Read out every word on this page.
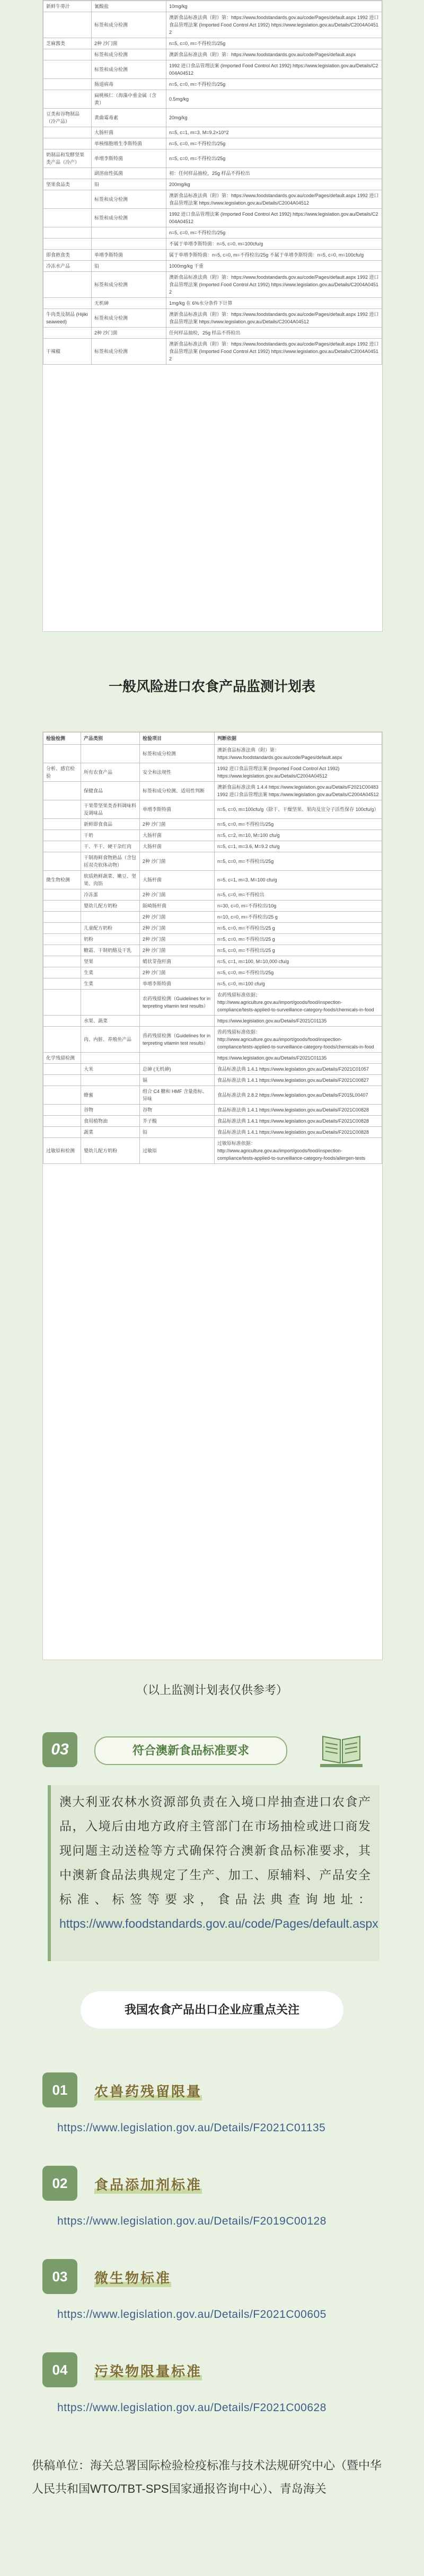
新鲜牛蒡汁	氰酸盐	10mg/kg
	标签和成分检测	澳新食品标准法典（附）第：https://www.foodstandards.gov.au/code/Pages/default.aspx 1992 进口食品管理法案 (Imported Food Control Act 1992) https://www.legislation.gov.au/Details/C2004A04512
芝麻酱类	2种 沙门菌	n=5, c=0, m=不得检出/25g
	标签和成分检测	澳新食品标准法典（附）第：https://www.foodstandards.gov.au/code/Pages/default.aspx
	标签和成分检测	1992 进口食品管理法案 (Imported Food Control Act 1992) https://www.legislation.gov.au/Details/C2004A04512
	肠道病毒	n=5, c=0, m=不得检出/25g
	扁桃核仁（海藻中重金属（含黄）	0.5mg/kg
豆类和谷物制品（冷产品）	黄曲霉毒素	20mg/kg
	大肠杆菌	n=5, c=1, m=3, M=9.2×10^2
	单核细胞增生李斯特菌	n=5, c=0, m=不得检出/25g
奶制品和发酵坚果类产品（冷产）	单增李斯特菌	n=5, c=0, m=不得检出/25g
	副溶血性弧菌	初：任何样品抽检，25g 样品不得检出
坚果食品类	铅	200mg/kg
	标签和成分检测	澳新食品标准法典（附）第：https://www.foodstandards.gov.au/code/Pages/default.aspx 1992 进口食品管理法案 https://www.legislation.gov.au/Details/C2004A04512
	标签和成分检测	1992 进口食品管理法案 (Imported Food Control Act 1992) https://www.legislation.gov.au/Details/C2004A04512
		n=5, c=0, m=不得检出/25g
		不属于单增李斯特菌：n=5, c=0, m=100cfu/g
即食熟食类	单增李斯特菌	属于单增李斯特菌：n=5, c=0, m=不得检出/25g 不属于单增李斯特菌：n=5, c=0, m=100cfu/g
冷冻水产品	铅	1000mg/kg 干重
	标签和成分检测	澳新食品标准法典（附）第：https://www.foodstandards.gov.au/code/Pages/default.aspx 1992 进口食品管理法案 (Imported Food Control Act 1992) https://www.legislation.gov.au/Details/C2004A04512
	无机砷	1mg/kg 在 6%水分条件下计算
牛肉类及制品 (Hijiki seaweed)	标签和成分检测	澳新食品标准法典（附）第：https://www.foodstandards.gov.au/code/Pages/default.aspx 1992 进口食品管理法案 https://www.legislation.gov.au/Details/C2004A04512
	2种 沙门菌	任何样品抽检，25g 样品不得检出
干辣椒	标签和成分检测	澳新食品标准法典（附）第：https://www.foodstandards.gov.au/code/Pages/default.aspx 1992 进口食品管理法案 (Imported Food Control Act 1992) https://www.legislation.gov.au/Details/C2004A04512
一般风险进口农食产品监测计划表
检验检测	产品类别	检验项目	判断依据
		标签和成分检测	澳新食品标准法典（附）第：https://www.foodstandards.gov.au/code/Pages/default.aspx
分析、感官检验	所有农食产品	安全和法规性	1992 进口食品管理法案 (Imported Food Control Act 1992) https://www.legislation.gov.au/Details/C2004A04512
	保健食品	标签和成分检测、适用性判断	澳新食品标准法典 1.4.4 https://www.legislation.gov.au/Details/F2021C00483 1992 进口食品管理法案 https://www.legislation.gov.au/Details/C2004A04512
	干果带坚果类香料调味料及调味品	单增李斯特菌	n=5, c=0, m=100cfu/g（除干、干燥坚果、果肉及宜分子活性保存 100cfu/g）
	新鲜即食食品	2种 沙门菌	n=5, c=0, m=不得检出/25g
	干奶	大肠杆菌	n=5, c=2, m=10, M=100 cfu/g
	干、半干、硬干杂红肉	大肠杆菌	n=5, c=1, m=3.6, M=9.2 cfu/g
	干制海鲜食物熟品（含包括双壳软体动物）	2种 沙门菌	n=5, c=0, m=不得检出/25g
微生物检测	软质熟鲜蔬菜、嫩豆、坚果、肉馅	大肠杆菌	n=5, c=1, m=3, M=100 cfu/g
	冷冻蛋	2种 沙门菌	n=5, c=0, m=不得检出
	婴幼儿配方奶粉	阪崎肠杆菌	n=30, c=0, m=不得检出/10g
		2种 沙门菌	n=10, c=0, m=不得检出/25 g
	儿童配方奶粉	2种 沙门菌	n=5, c=0, m=不得检出/25 g
	奶粉	2种 沙门菌	n=5, c=0, m=不得检出/25 g
	糖霜、干制奶酪及干乳	2种 沙门菌	n=5, c=0, m=不得检出/25 g
	坚果	蜡状芽孢杆菌	n=5, c=1, m=100, M=10,000 cfu/g
	生菜	2种 沙门菌	n=5, c=0, m=不得检出/25g
	生菜	单增李斯特菌	n=5, c=0, m=100 cfu/g
		农药残留检测（Guidelines for interpreting vitamin test results）	农药残留标准依据；http://www.agriculture.gov.au/import/goods/food/inspection-compliance/tests-applied-to-surveillance-category-foods/chemicals-in-food
	水果、蔬菜		https://www.legislation.gov.au/Details/F2021C01135
	肉、内脏、养殖鱼产品	兽药残留检测（Guidelines for interpreting vitamin test results）	兽药残留标准依据：http://www.agriculture.gov.au/import/goods/food/inspection-compliance/tests-applied-to-surveillance-category-foods/chemicals-in-food
化学残留检测			https://www.legislation.gov.au/Details/F2021C01135
	大米	总砷 (无机砷)	食品标准法典 1.4.1 https://www.legislation.gov.au/Details/F2021C01057
		镉	食品标准法典 1.4.1 https://www.legislation.gov.au/Details/F2021C00827
	蜂蜜	组合 C4 糖和 HMF 含量指标、异味	食品标准法典 2.8.2 https://www.legislation.gov.au/Details/F2015L00407
	谷物	谷物	食品标准法典 1.4.1 https://www.legislation.gov.au/Details/F2021C00828
	食用植物油	芥子酸	食品标准法典 1.4.1 https://www.legislation.gov.au/Details/F2021C00828
	蔬菜	铅	食品标准法典 1.4.1 https://www.legislation.gov.au/Details/F2021C00828
过敏原和检测	婴幼儿配方奶粉	过敏原	过敏原标准依据：http://www.agriculture.gov.au/import/goods/food/inspection-compliance/tests-applied-to-surveillance-category-foods/allergen-tests
（以上监测计划表仅供参考）
03	符合澳新食品标准要求

澳大利亚农林水资源部负责在入境口岸抽查进口农食产品，入境后由地方政府主管部门在市场抽检或进口商发现问题主动送检等方式确保符合澳新食品标准要求，其中澳新食品法典规定了生产、加工、原辅料、产品安全标准、标签等要求，食品法典查询地址：https://www.foodstandards.gov.au/code/Pages/default.aspx

我国农食产品出口企业应重点关注
01	农兽药残留限量
https://www.legislation.gov.au/Details/F2021C01135
02	食品添加剂标准
https://www.legislation.gov.au/Details/F2019C00128
03	微生物标准
https://www.legislation.gov.au/Details/F2021C00605
04	污染物限量标准
https://www.legislation.gov.au/Details/F2021C00628

供稿单位：海关总署国际检验检疫标准与技术法规研究中心（暨中华人民共和国WTO/TBT-SPS国家通报咨询中心）、青岛海关
